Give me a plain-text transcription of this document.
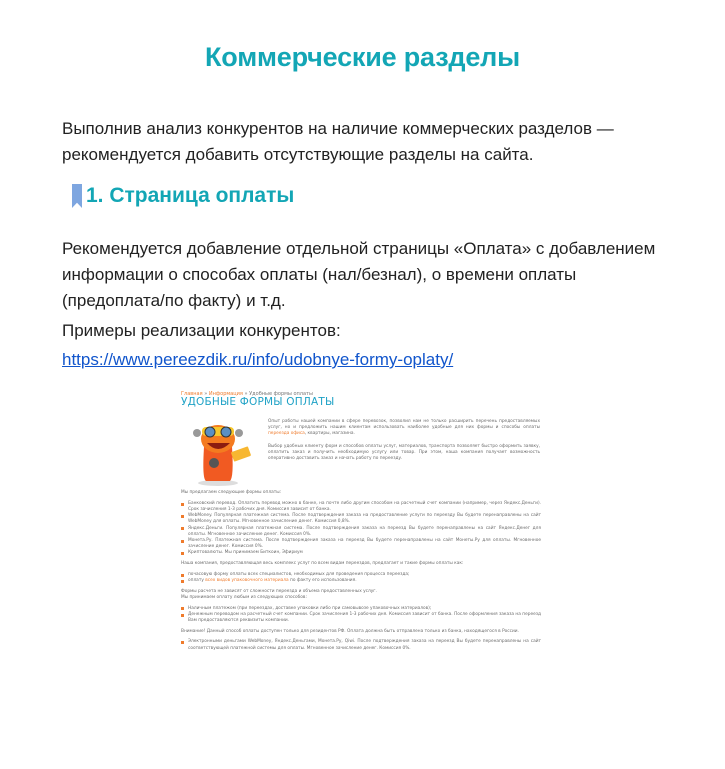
Коммерческие разделы

Выполнив анализ конкурентов на наличие коммерческих разделов — рекомендуется добавить отсутствующие разделы на сайта.

1. Страница оплаты

Рекомендуется добавление отдельной страницы «Оплата» с добавлением информации о способах оплаты (нал/безнал), о времени оплаты (предоплата/по факту) и т.д.

Примеры реализации конкурентов:

https://www.pereezdik.ru/info/udobnye-formy-oplaty/
Главная » Информация » Удобные формы оплаты
УДОБНЫЕ ФОРМЫ ОПЛАТЫ

Опыт работы нашей компании в сфере перевозок, позволил нам не только расширить перечень предоставляемых услуг, но и предложить нашим клиентам использовать наиболее удобные для них формы и способы оплаты переезда офиса, квартиры, магазина.

Выбор удобных клиенту форм и способов оплаты услуг, материалов, транспорта позволяет быстро оформить заявку, оплатить заказ и получить необходимую услугу или товар. При этом, наша компания получает возможность оперативно доставить заказ и начать работу по переезду.

Мы предлагаем следующие формы оплаты:

Банковский перевод. Оплатить перевод можно в банке, на почте либо другим способом на расчетный счет компании (например, через Яндекс.Деньги). Срок зачисления 1-3 рабочих дня. Комиссия зависит от банка.
WebMoney. Популярная платежная система. После подтверждения заказа на предоставление услуги по переезду Вы будете перенаправлены на сайт WebMoney для оплаты. Мгновенное зачисление денег. Комиссия 0,8%.
Яндекс.Деньги. Популярная платежная система. После подтверждения заказа на переезд Вы будете перенаправлены на сайт Яндекс.Денег для оплаты. Мгновенное зачисление денег. Комиссия 0%.
Монета.Ру. Платежная система. После подтверждения заказа на переезд Вы будете перенаправлены на сайт Монеты.Ру для оплаты. Мгновенное зачисление денег. Комиссия 0%.
Криптовалюты. Мы принимаем Биткоин, Эфириум

Наша компания, предоставляющая весь комплекс услуг по всем видам переездов, предлагает и такие формы оплаты как:

почасовую форму оплаты всех специалистов, необходимых для проведения процесса переезда;
оплату всех видов упаковочного материала по факту его использования.

Формы расчета не зависят от сложности переезда и объема предоставленных услуг.
Мы принимаем оплату любым из следующих способов:

Наличным платежом (при переездах, доставке упаковки либо при самовывозе упаковочных материалов);
Денежным переводом на расчетный счет компании. Срок зачисления 1-3 рабочих дня. Комиссия зависит от банка. После оформления заказа на переезд Вам предоставляются реквизиты компании.

Внимание! Данный способ оплаты доступен только для резидентов РФ. Оплата должна быть отправлена только из банка, находящегося в России.

Электронными деньгами WebMoney, Яндекс.Деньгами, Монета.Ру, Qiwi. После подтверждения заказа на переезд Вы будете перенаправлены на сайт соответствующей платежной системы для оплаты. Мгновенное зачисление денег. Комиссия 0%.
